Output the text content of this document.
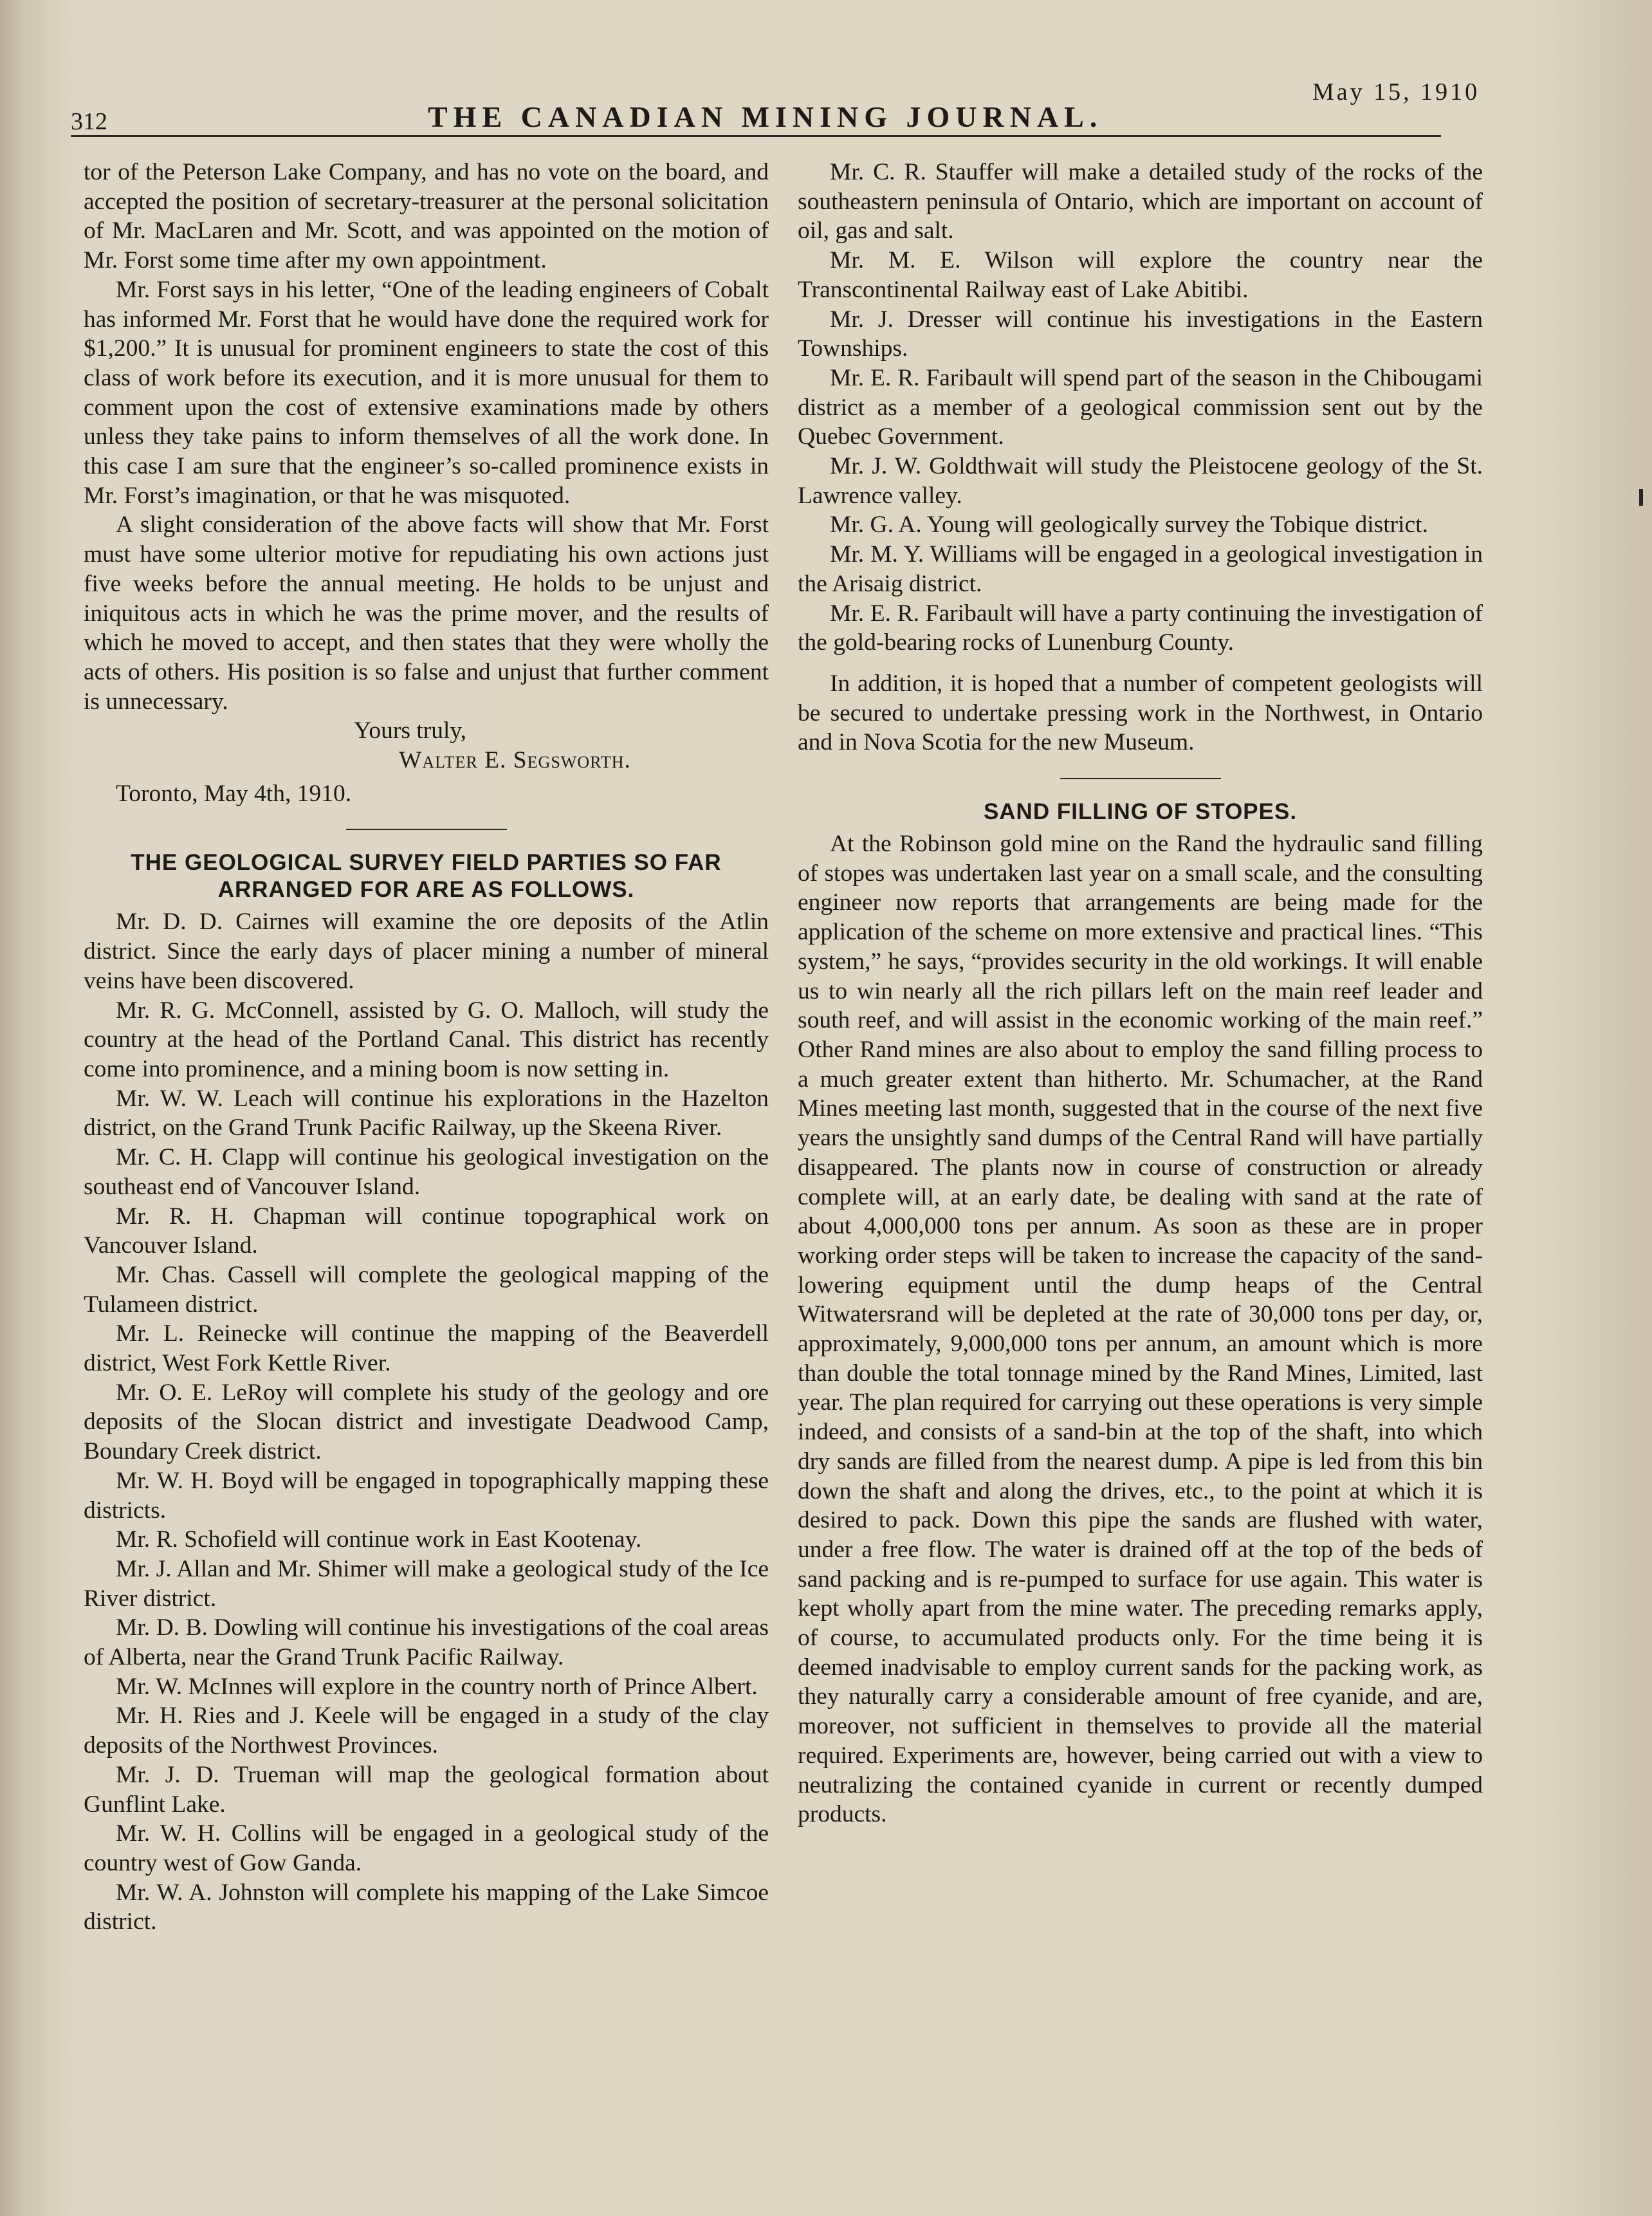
312	THE CANADIAN MINING JOURNAL.
May 15, 1910

tor of the Peterson Lake Company, and has no vote on the board, and accepted the position of secretary-treasurer at the personal solicitation of Mr. MacLaren and Mr. Scott, and was appointed on the motion of Mr. Forst some time after my own appointment.

Mr. Forst says in his letter, “One of the leading engineers of Cobalt has informed Mr. Forst that he would have done the required work for $1,200.” It is unusual for prominent engineers to state the cost of this class of work before its execution, and it is more unusual for them to comment upon the cost of extensive examinations made by others unless they take pains to inform themselves of all the work done. In this case I am sure that the engineer’s so-called prominence exists in Mr. Forst’s imagination, or that he was misquoted.

A slight consideration of the above facts will show that Mr. Forst must have some ulterior motive for repudiating his own actions just five weeks before the annual meeting. He holds to be unjust and iniquitous acts in which he was the prime mover, and the results of which he moved to accept, and then states that they were wholly the acts of others. His position is so false and unjust that further comment is unnecessary.

Yours truly,
Walter E. Segsworth.
Toronto, May 4th, 1910.
THE GEOLOGICAL SURVEY FIELD PARTIES SO FAR ARRANGED FOR ARE AS FOLLOWS.

Mr. D. D. Cairnes will examine the ore deposits of the Atlin district. Since the early days of placer mining a number of mineral veins have been discovered.

Mr. R. G. McConnell, assisted by G. O. Malloch, will study the country at the head of the Portland Canal. This district has recently come into prominence, and a mining boom is now setting in.

Mr. W. W. Leach will continue his explorations in the Hazelton district, on the Grand Trunk Pacific Railway, up the Skeena River.

Mr. C. H. Clapp will continue his geological investigation on the southeast end of Vancouver Island.

Mr. R. H. Chapman will continue topographical work on Vancouver Island.

Mr. Chas. Cassell will complete the geological mapping of the Tulameen district.

Mr. L. Reinecke will continue the mapping of the Beaverdell district, West Fork Kettle River.

Mr. O. E. LeRoy will complete his study of the geology and ore deposits of the Slocan district and investigate Deadwood Camp, Boundary Creek district.

Mr. W. H. Boyd will be engaged in topographically mapping these districts.

Mr. R. Schofield will continue work in East Kootenay.

Mr. J. Allan and Mr. Shimer will make a geological study of the Ice River district.

Mr. D. B. Dowling will continue his investigations of the coal areas of Alberta, near the Grand Trunk Pacific Railway.

Mr. W. McInnes will explore in the country north of Prince Albert.

Mr. H. Ries and J. Keele will be engaged in a study of the clay deposits of the Northwest Provinces.

Mr. J. D. Trueman will map the geological formation about Gunflint Lake.

Mr. W. H. Collins will be engaged in a geological study of the country west of Gow Ganda.

Mr. W. A. Johnston will complete his mapping of the Lake Simcoe district.

Mr. C. R. Stauffer will make a detailed study of the rocks of the southeastern peninsula of Ontario, which are important on account of oil, gas and salt.

Mr. M. E. Wilson will explore the country near the Transcontinental Railway east of Lake Abitibi.

Mr. J. Dresser will continue his investigations in the Eastern Townships.

Mr. E. R. Faribault will spend part of the season in the Chibougami district as a member of a geological commission sent out by the Quebec Government.

Mr. J. W. Goldthwait will study the Pleistocene geology of the St. Lawrence valley.

Mr. G. A. Young will geologically survey the Tobique district.

Mr. M. Y. Williams will be engaged in a geological investigation in the Arisaig district.

Mr. E. R. Faribault will have a party continuing the investigation of the gold-bearing rocks of Lunenburg County.

In addition, it is hoped that a number of competent geologists will be secured to undertake pressing work in the Northwest, in Ontario and in Nova Scotia for the new Museum.

SAND FILLING OF STOPES.

At the Robinson gold mine on the Rand the hydraulic sand filling of stopes was undertaken last year on a small scale, and the consulting engineer now reports that arrangements are being made for the application of the scheme on more extensive and practical lines. “This system,” he says, “provides security in the old workings. It will enable us to win nearly all the rich pillars left on the main reef leader and south reef, and will assist in the economic working of the main reef.” Other Rand mines are also about to employ the sand filling process to a much greater extent than hitherto. Mr. Schumacher, at the Rand Mines meeting last month, suggested that in the course of the next five years the unsightly sand dumps of the Central Rand will have partially disappeared. The plants now in course of construction or already complete will, at an early date, be dealing with sand at the rate of about 4,000,000 tons per annum. As soon as these are in proper working order steps will be taken to increase the capacity of the sand-lowering equipment until the dump heaps of the Central Witwatersrand will be depleted at the rate of 30,000 tons per day, or, approximately, 9,000,000 tons per annum, an amount which is more than double the total tonnage mined by the Rand Mines, Limited, last year. The plan required for carrying out these operations is very simple indeed, and consists of a sand-bin at the top of the shaft, into which dry sands are filled from the nearest dump. A pipe is led from this bin down the shaft and along the drives, etc., to the point at which it is desired to pack. Down this pipe the sands are flushed with water, under a free flow. The water is drained off at the top of the beds of sand packing and is re-pumped to surface for use again. This water is kept wholly apart from the mine water. The preceding remarks apply, of course, to accumulated products only. For the time being it is deemed inadvisable to employ current sands for the packing work, as they naturally carry a considerable amount of free cyanide, and are, moreover, not sufficient in themselves to provide all the material required. Experiments are, however, being carried out with a view to neutralizing the contained cyanide in current or recently dumped products.
